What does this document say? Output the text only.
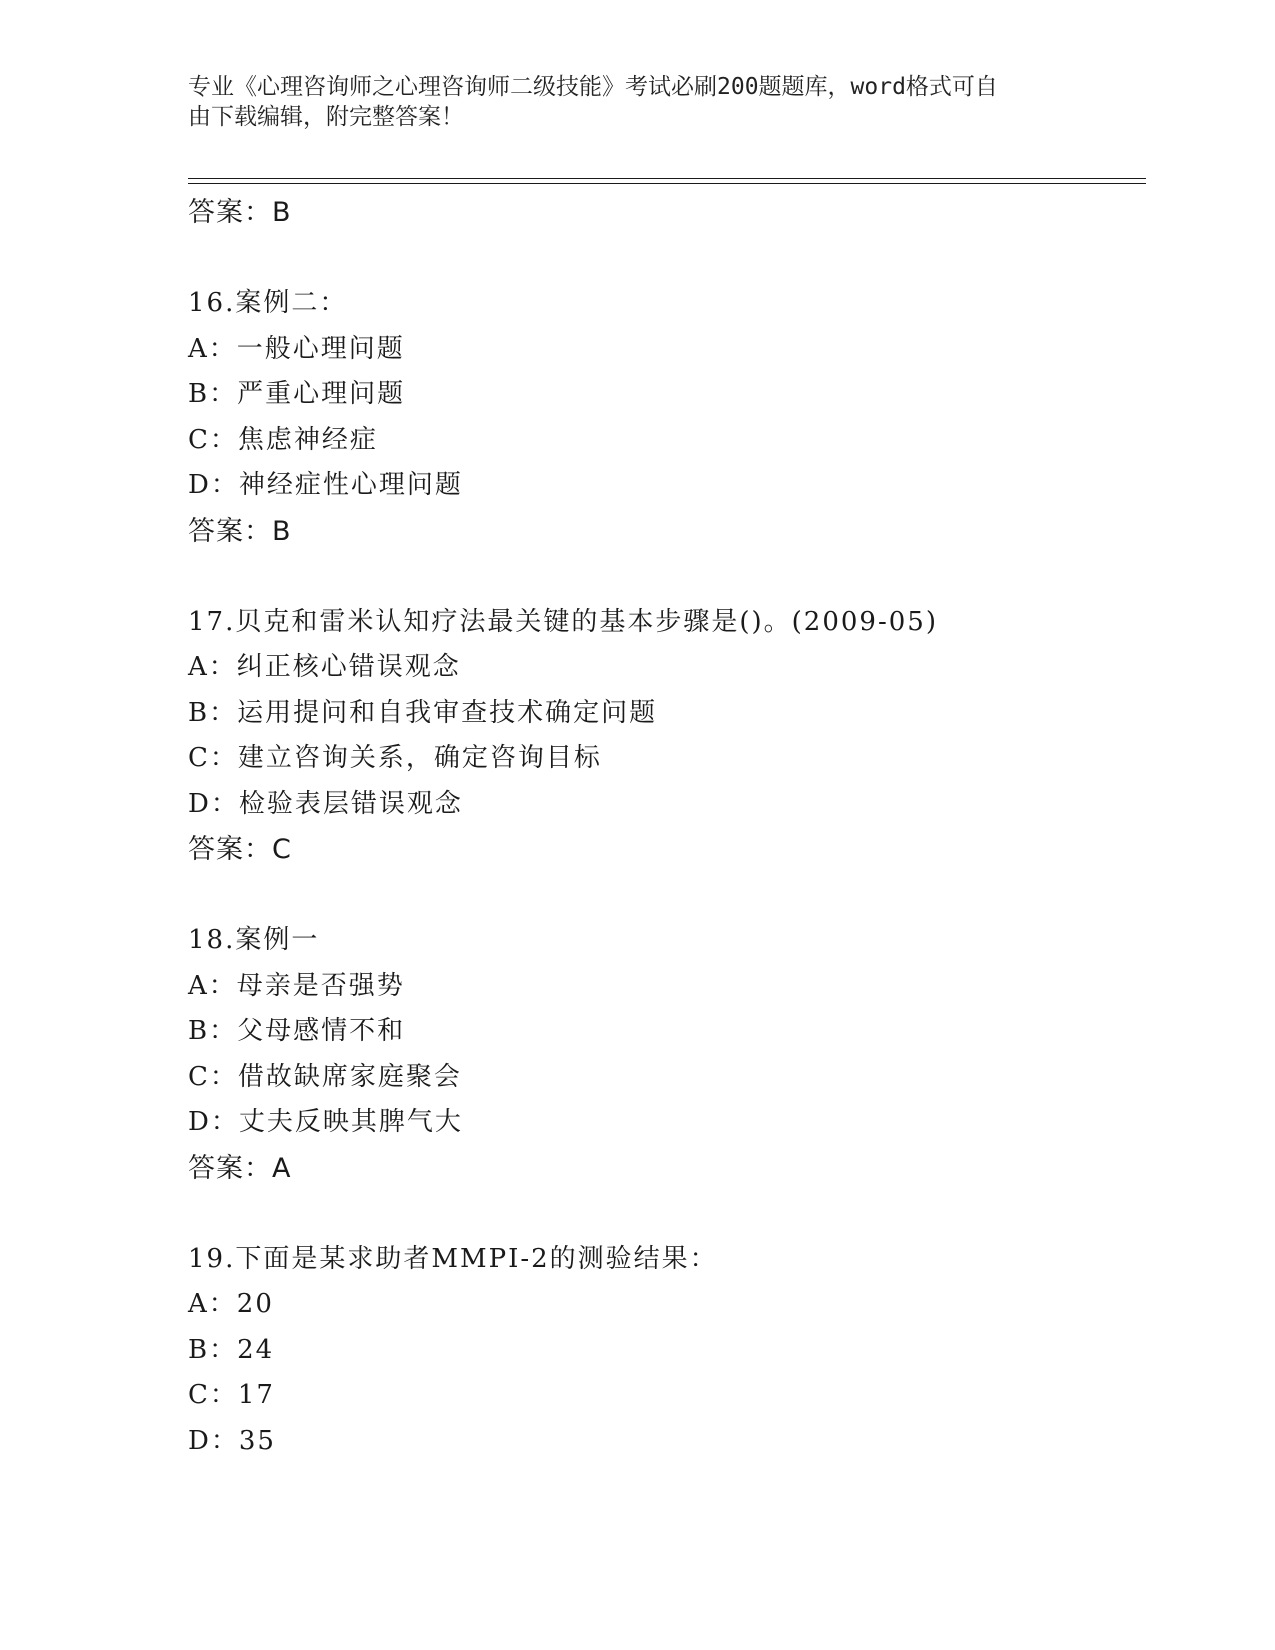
专业《心理咨询师之心理咨询师二级技能》考试必刷200题题库，word格式可自
由下载编辑，附完整答案！
答案：B
16.案例二：
A：一般心理问题
B：严重心理问题
C：焦虑神经症
D：神经症性心理问题
答案：B
17.贝克和雷米认知疗法最关键的基本步骤是()。(2009-05)
A：纠正核心错误观念
B：运用提问和自我审查技术确定问题
C：建立咨询关系，确定咨询目标
D：检验表层错误观念
答案：C
18.案例一
A：母亲是否强势
B：父母感情不和
C：借故缺席家庭聚会
D：丈夫反映其脾气大
答案：A
19.下面是某求助者MMPI-2的测验结果：
A：20
B：24
C：17
D：35
